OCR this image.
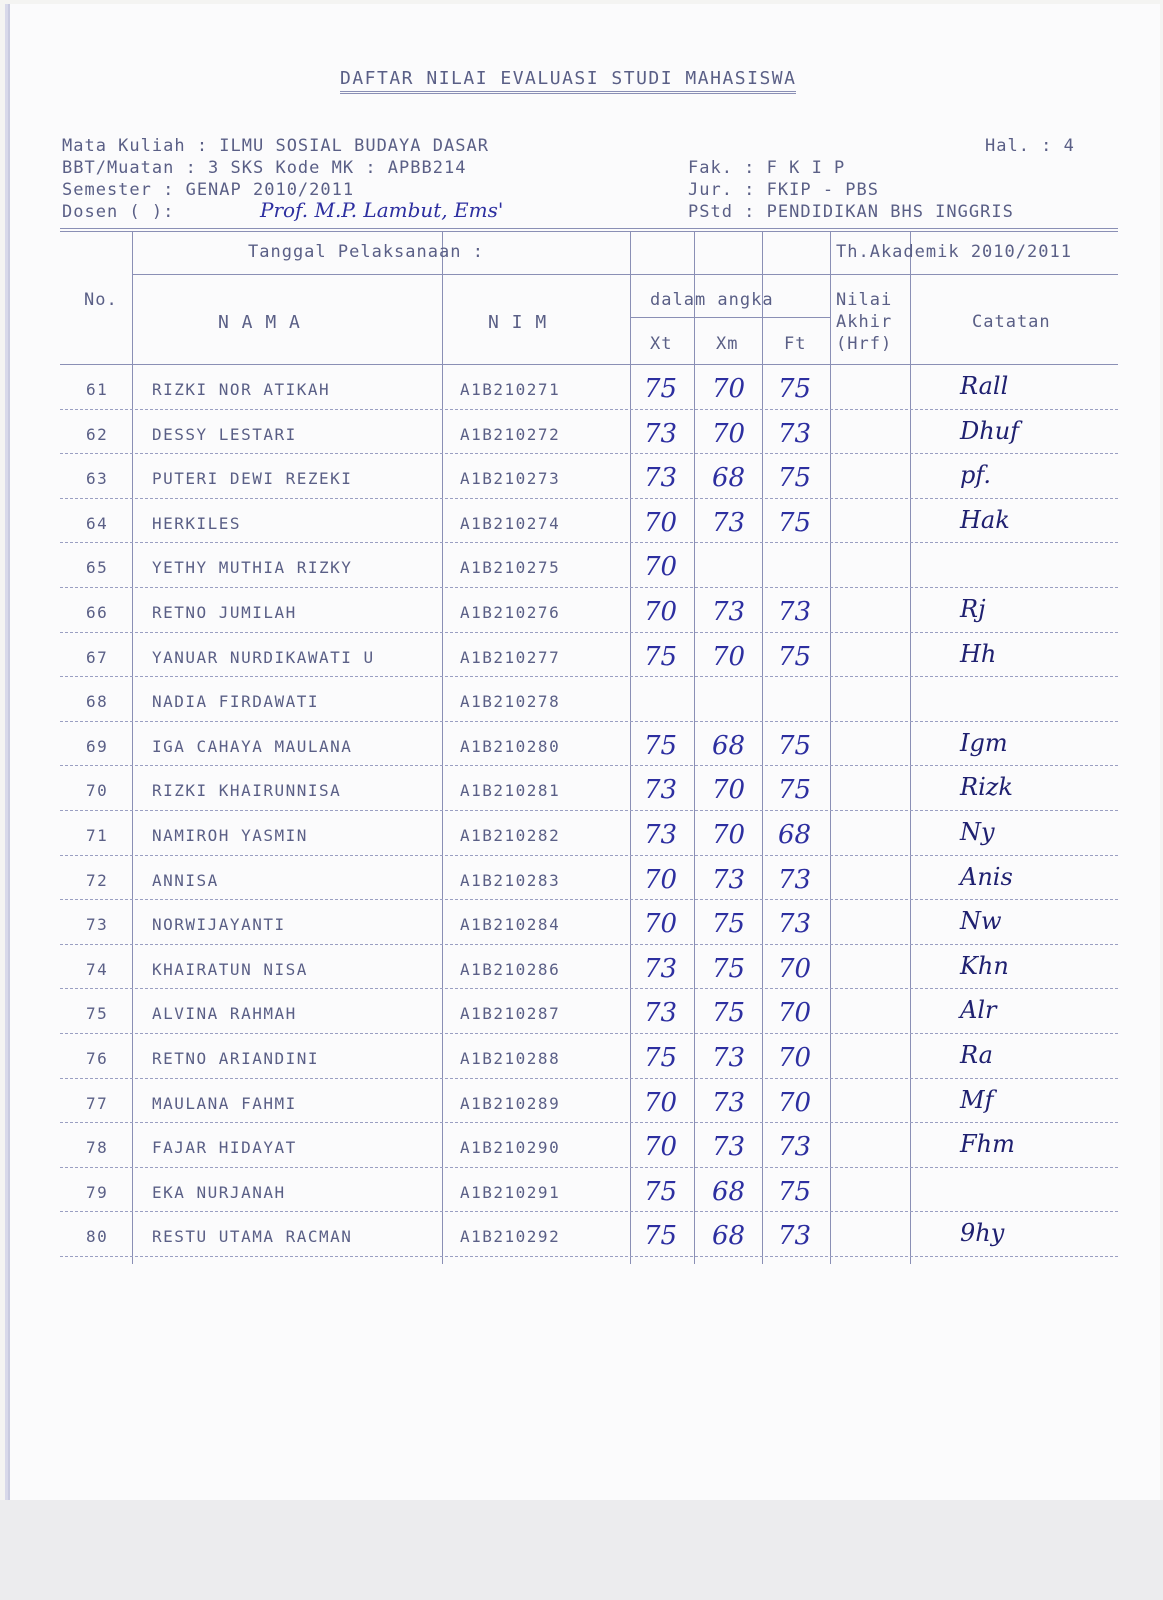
DAFTAR NILAI EVALUASI STUDI MAHASISWA
Mata Kuliah : ILMU SOSIAL BUDAYA DASAR
BBT/Muatan : 3 SKS Kode MK : APBB214
Semester : GENAP 2010/2011
Dosen ( ):	Prof. M.P. Lambut, Ems'
Hal. : 4
Fak. : F K I P
Jur. : FKIP - PBS
PStd : PENDIDIKAN BHS INGGRIS
Tanggal Pelaksanaan :	Th.Akademik 2010/2011
No.
N A M A	N I M
dalam angka
Xt	Xm	Ft
Nilai
Akhir
(Hrf)
Catatan
61	RIZKI NOR ATIKAH	A1B210271	75 70 75	Rall
62	DESSY LESTARI	A1B210272	73 70 73	Dhuf
63	PUTERI DEWI REZEKI	A1B210273	73 68 75	pf.
64	HERKILES	A1B210274	70 73 75	Hak
65	YETHY MUTHIA RIZKY	A1B210275	70
66	RETNO JUMILAH	A1B210276	70 73 73	Rj
67	YANUAR NURDIKAWATI U	A1B210277	75 70 75	Hh
68	NADIA FIRDAWATI	A1B210278
69	IGA CAHAYA MAULANA	A1B210280	75 68 75	Igm
70	RIZKI KHAIRUNNISA	A1B210281	73 70 75	Rizk
71	NAMIROH YASMIN	A1B210282	73 70 68	Ny
72	ANNISA	A1B210283	70 73 73	Anis
73	NORWIJAYANTI	A1B210284	70 75 73	Nw
74	KHAIRATUN NISA	A1B210286	73 75 70	Khn
75	ALVINA RAHMAH	A1B210287	73 75 70	Alr
76	RETNO ARIANDINI	A1B210288	75 73 70	Ra
77	MAULANA FAHMI	A1B210289	70 73 70	Mf
78	FAJAR HIDAYAT	A1B210290	70 73 73	Fhm
79	EKA NURJANAH	A1B210291	75 68 75
80	RESTU UTAMA RACMAN	A1B210292	75 68 73	9hy
